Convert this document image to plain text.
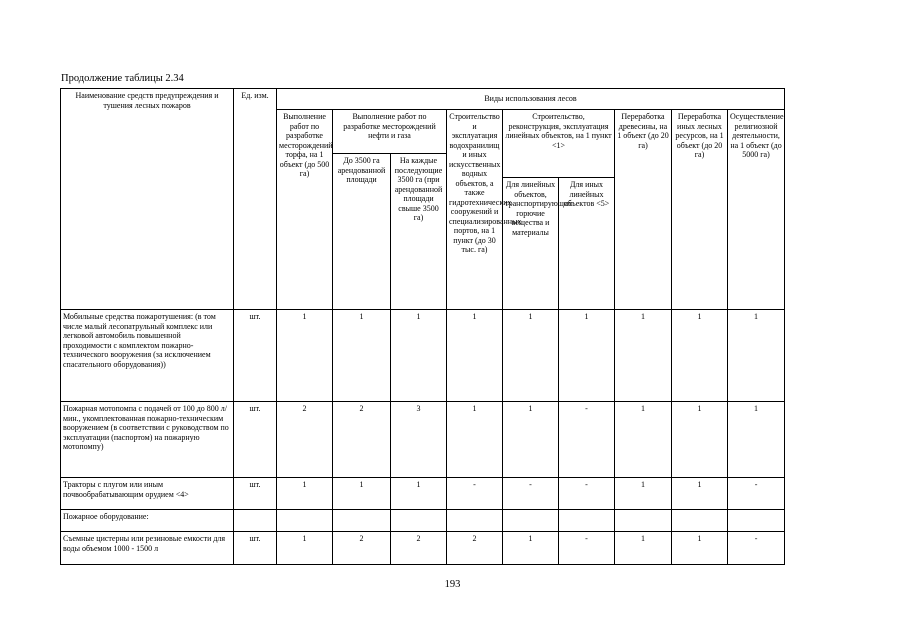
Продолжение таблицы 2.34
Наименование средств предупреждения и тушения лесных пожаров	Ед. изм.	Виды использования лесов								
		Выполнение работ по разработке месторождений торфа, на 1 объект (до 500 га)	Выполнение работ по разработке месторождений нефти и газа		Строительство и эксплуатация водохранилищ и иных искусственных водных объектов, а также гидротехнических сооружений и специализированных портов, на 1 пункт (до 30 тыс. га)	Строительство, реконструкция, эксплуатация линейных объектов, на 1 пункт <1>		Переработка древесины, на 1 объект (до 20 га)	Переработка иных лесных ресурсов, на 1 объект (до 20 га)	Осуществление религиозной деятельности, на 1 объект (до 5000 га)
			До 3500 га арендованной площади	На каждые последующие 3500 га (при арендованной площади свыше 3500 га)						
						Для линейных объектов, транспортирующих горючие вещества и материалы	Для иных линейных объектов <5>			
Мобильные средства пожаротушения: (в том числе малый лесопатрульный комплекс или легковой автомобиль повышенной проходимости с комплектом пожарно-технического вооружения (за исключением спасательного оборудования))	шт.	1	1	1	1	1	1	1	1	1
Пожарная мотопомпа с подачей от 100 до 800 л/мин., укомплектованная пожарно-техническим вооружением (в соответствии с руководством по эксплуатации (паспортом) на пожарную мотопомпу)	шт.	2	2	3	1	1	-	1	1	1
Тракторы с плугом или иным почвообрабатывающим орудием <4>	шт.	1	1	1	-	-	-	1	1	-
Пожарное оборудование:										
Съемные цистерны или резиновые емкости для воды объемом 1000 - 1500 л	шт.	1	2	2	2	1	-	1	1	-
193
